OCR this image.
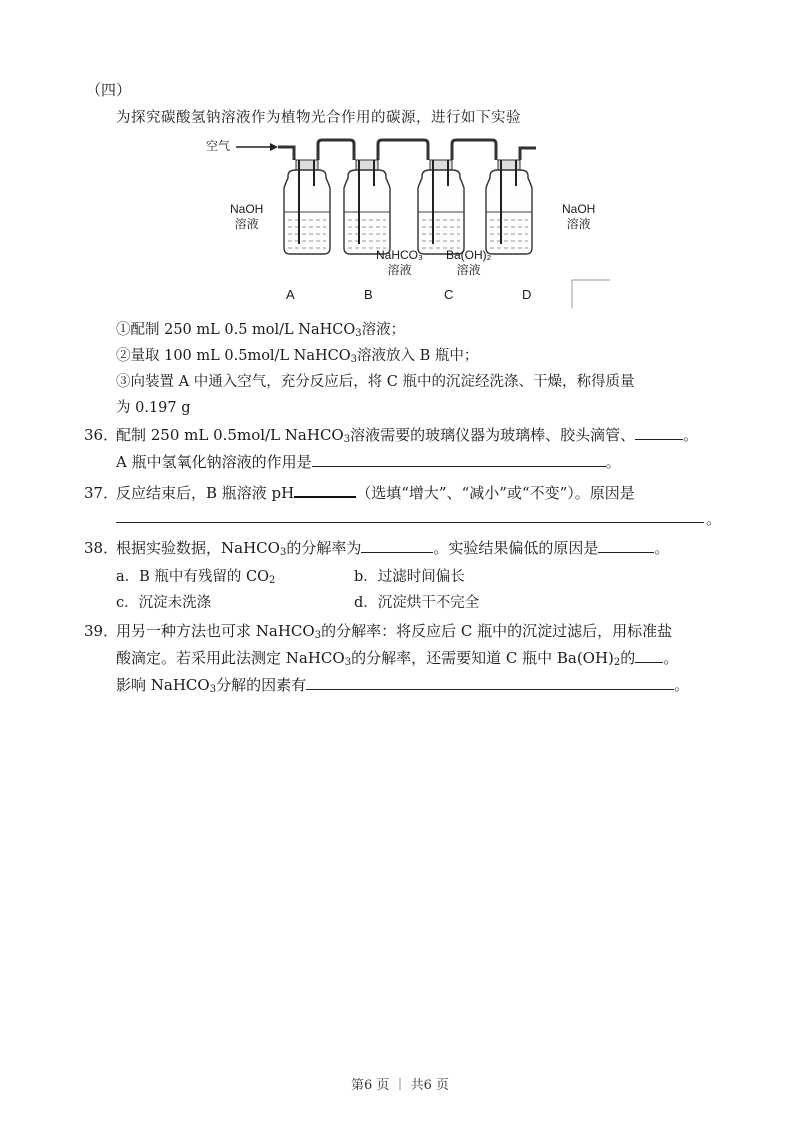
（四）
为探究碳酸氢钠溶液作为植物光合作用的碳源，进行如下实验
空气
NaOH
溶液
NaHCO₃
溶液
Ba(OH)₂
溶液
NaOH
溶液
A	B	C	D
①配制 250 mL 0.5 mol/L NaHCO$_3$溶液；
②量取 100 mL 0.5mol/L NaHCO$_3$溶液放入 B 瓶中；
③向装置 A 中通入空气，充分反应后，将 C 瓶中的沉淀经洗涤、干燥，称得质量
为 0.197 g
36．
配制 250 mL 0.5mol/L NaHCO$_3$溶液需要的玻璃仪器为玻璃棒、胶头滴管、	。
A 瓶中氢氧化钠溶液的作用是	。
37．
反应结束后，B 瓶溶液 pH	（选填“增大”、“减小”或“不变”）。原因是
。
38．
根据实验数据，NaHCO$_3$的分解率为	。实验结果偏低的原因是	。
a．B 瓶中有残留的 $CO_2$	b．过滤时间偏长
c．沉淀未洗涤	d．沉淀烘干不完全
39．
用另一种方法也可求 NaHCO$_3$的分解率：将反应后 C 瓶中的沉淀过滤后，用标准盐
酸滴定。若采用此法测定 NaHCO$_3$的分解率，还需要知道 C 瓶中 $Ba(OH)_2$的 。
影响 NaHCO$_3$分解的因素有	。
第6 页 ｜ 共6 页
